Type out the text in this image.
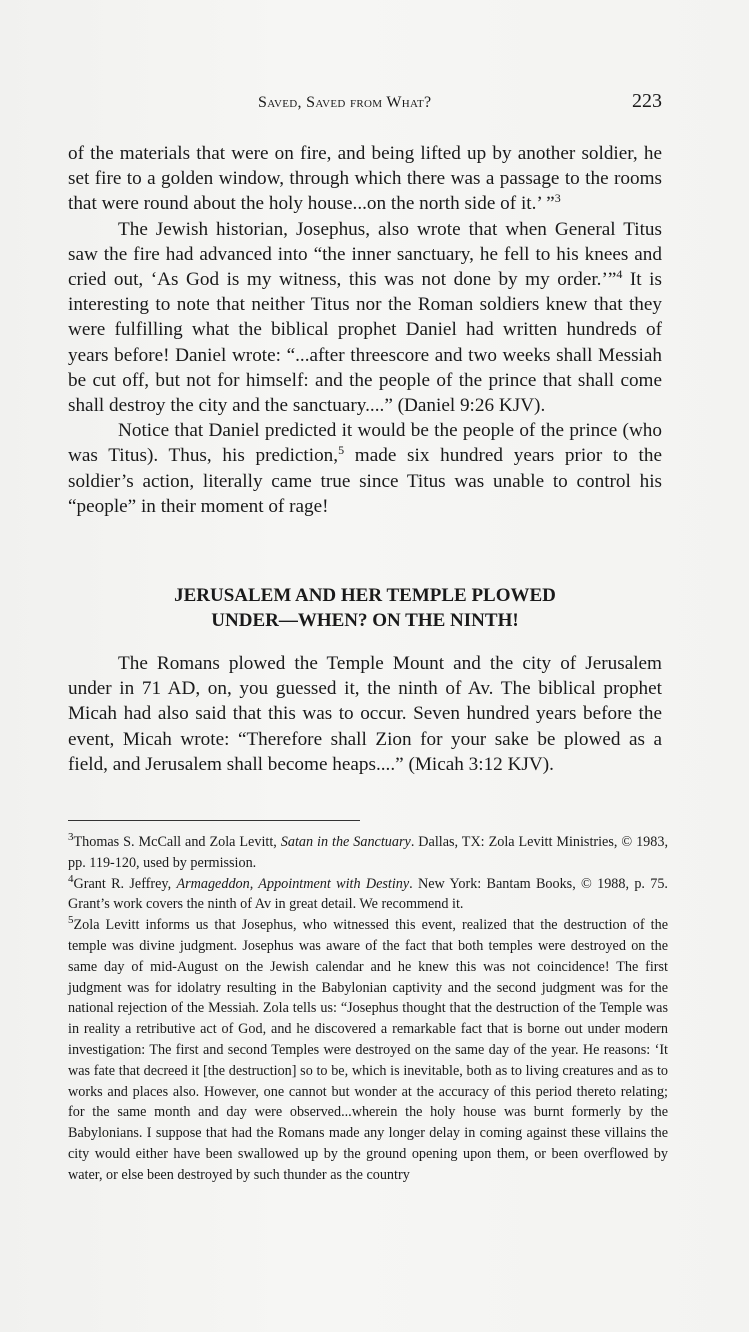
Saved, Saved from What?	223

of the materials that were on fire, and being lifted up by another soldier, he set fire to a golden window, through which there was a passage to the rooms that were round about the holy house...on the north side of it.’ ”$^3$

The Jewish historian, Josephus, also wrote that when General Titus saw the fire had advanced into “the inner sanctuary, he fell to his knees and cried out, ‘As God is my witness, this was not done by my order.’”$^4$ It is interesting to note that neither Titus nor the Roman soldiers knew that they were fulfilling what the biblical prophet Daniel had written hundreds of years before! Daniel wrote: “...after threescore and two weeks shall Messiah be cut off, but not for himself: and the people of the prince that shall come shall destroy the city and the sanctuary....” (Daniel 9:26 KJV).

Notice that Daniel predicted it would be the people of the prince (who was Titus). Thus, his prediction,$^5$ made six hundred years prior to the soldier’s action, literally came true since Titus was unable to control his “people” in their moment of rage!

JERUSALEM AND HER TEMPLE PLOWED
UNDER—WHEN? ON THE NINTH!

The Romans plowed the Temple Mount and the city of Jerusalem under in 71 AD, on, you guessed it, the ninth of Av. The biblical prophet Micah had also said that this was to occur. Seven hundred years before the event, Micah wrote: “Therefore shall Zion for your sake be plowed as a field, and Jerusalem shall become heaps....” (Micah 3:12 KJV).

$^3$Thomas S. McCall and Zola Levitt, Satan in the Sanctuary. Dallas, TX: Zola Levitt Ministries, © 1983, pp. 119-120, used by permission.

$^4$Grant R. Jeffrey, Armageddon, Appointment with Destiny. New York: Bantam Books, © 1988, p. 75. Grant’s work covers the ninth of Av in great detail. We recommend it.

$^5$Zola Levitt informs us that Josephus, who witnessed this event, realized that the destruction of the temple was divine judgment. Josephus was aware of the fact that both temples were destroyed on the same day of mid-August on the Jewish calendar and he knew this was not coincidence! The first judgment was for idolatry resulting in the Babylonian captivity and the second judgment was for the national rejection of the Messiah. Zola tells us: “Josephus thought that the destruction of the Temple was in reality a retributive act of God, and he discovered a remarkable fact that is borne out under modern investigation: The first and second Temples were destroyed on the same day of the year. He reasons: ‘It was fate that decreed it [the destruction] so to be, which is inevitable, both as to living creatures and as to works and places also. However, one cannot but wonder at the accuracy of this period thereto relating; for the same month and day were observed...wherein the holy house was burnt formerly by the Babylonians. I suppose that had the Romans made any longer delay in coming against these villains the city would either have been swallowed up by the ground opening upon them, or been overflowed by water, or else been destroyed by such thunder as the country
